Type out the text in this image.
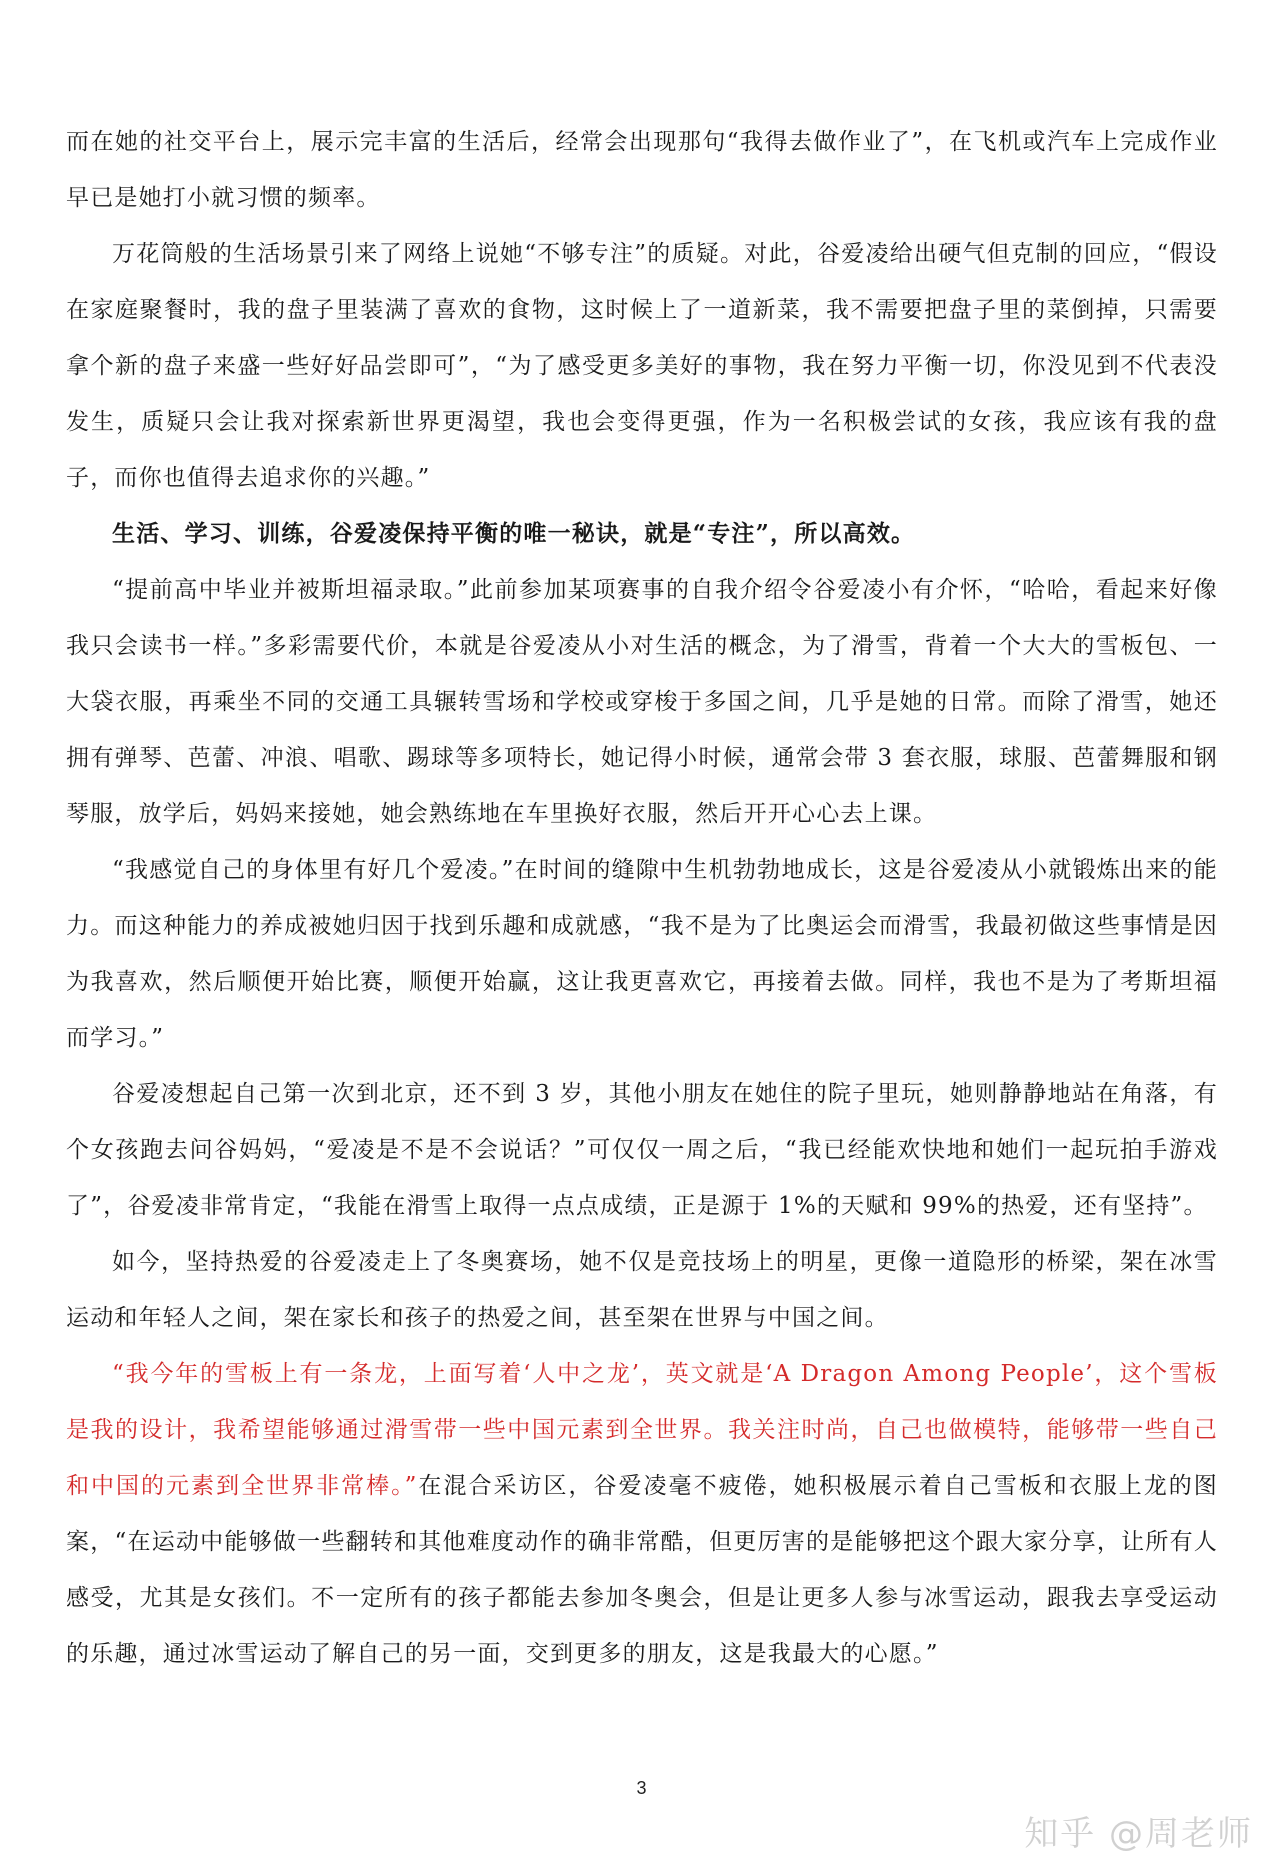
而在她的社交平台上，展示完丰富的生活后，经常会出现那句“我得去做作业了”，在飞机或汽车上完成作业早已是她打小就习惯的频率。

万花筒般的生活场景引来了网络上说她“不够专注”的质疑。对此，谷爱凌给出硬气但克制的回应，“假设在家庭聚餐时，我的盘子里装满了喜欢的食物，这时候上了一道新菜，我不需要把盘子里的菜倒掉，只需要拿个新的盘子来盛一些好好品尝即可”，“为了感受更多美好的事物，我在努力平衡一切，你没见到不代表没发生，质疑只会让我对探索新世界更渴望，我也会变得更强，作为一名积极尝试的女孩，我应该有我的盘子，而你也值得去追求你的兴趣。”

生活、学习、训练，谷爱凌保持平衡的唯一秘诀，就是“专注”，所以高效。

“提前高中毕业并被斯坦福录取。”此前参加某项赛事的自我介绍令谷爱凌小有介怀，“哈哈，看起来好像我只会读书一样。”多彩需要代价，本就是谷爱凌从小对生活的概念，为了滑雪，背着一个大大的雪板包、一大袋衣服，再乘坐不同的交通工具辗转雪场和学校或穿梭于多国之间，几乎是她的日常。而除了滑雪，她还拥有弹琴、芭蕾、冲浪、唱歌、踢球等多项特长，她记得小时候，通常会带 3 套衣服，球服、芭蕾舞服和钢琴服，放学后，妈妈来接她，她会熟练地在车里换好衣服，然后开开心心去上课。

“我感觉自己的身体里有好几个爱凌。”在时间的缝隙中生机勃勃地成长，这是谷爱凌从小就锻炼出来的能力。而这种能力的养成被她归因于找到乐趣和成就感，“我不是为了比奥运会而滑雪，我最初做这些事情是因为我喜欢，然后顺便开始比赛，顺便开始赢，这让我更喜欢它，再接着去做。同样，我也不是为了考斯坦福而学习。”

谷爱凌想起自己第一次到北京，还不到 3 岁，其他小朋友在她住的院子里玩，她则静静地站在角落，有个女孩跑去问谷妈妈，“爱凌是不是不会说话？”可仅仅一周之后，“我已经能欢快地和她们一起玩拍手游戏了”，谷爱凌非常肯定，“我能在滑雪上取得一点点成绩，正是源于 1%的天赋和 99%的热爱，还有坚持”。

如今，坚持热爱的谷爱凌走上了冬奥赛场，她不仅是竞技场上的明星，更像一道隐形的桥梁，架在冰雪运动和年轻人之间，架在家长和孩子的热爱之间，甚至架在世界与中国之间。

“我今年的雪板上有一条龙，上面写着‘人中之龙’，英文就是‘A Dragon Among People’，这个雪板是我的设计，我希望能够通过滑雪带一些中国元素到全世界。我关注时尚，自己也做模特，能够带一些自己和中国的元素到全世界非常棒。”在混合采访区，谷爱凌毫不疲倦，她积极展示着自己雪板和衣服上龙的图案，“在运动中能够做一些翻转和其他难度动作的确非常酷，但更厉害的是能够把这个跟大家分享，让所有人感受，尤其是女孩们。不一定所有的孩子都能去参加冬奥会，但是让更多人参与冰雪运动，跟我去享受运动的乐趣，通过冰雪运动了解自己的另一面，交到更多的朋友，这是我最大的心愿。”

3
知乎 @周老师
